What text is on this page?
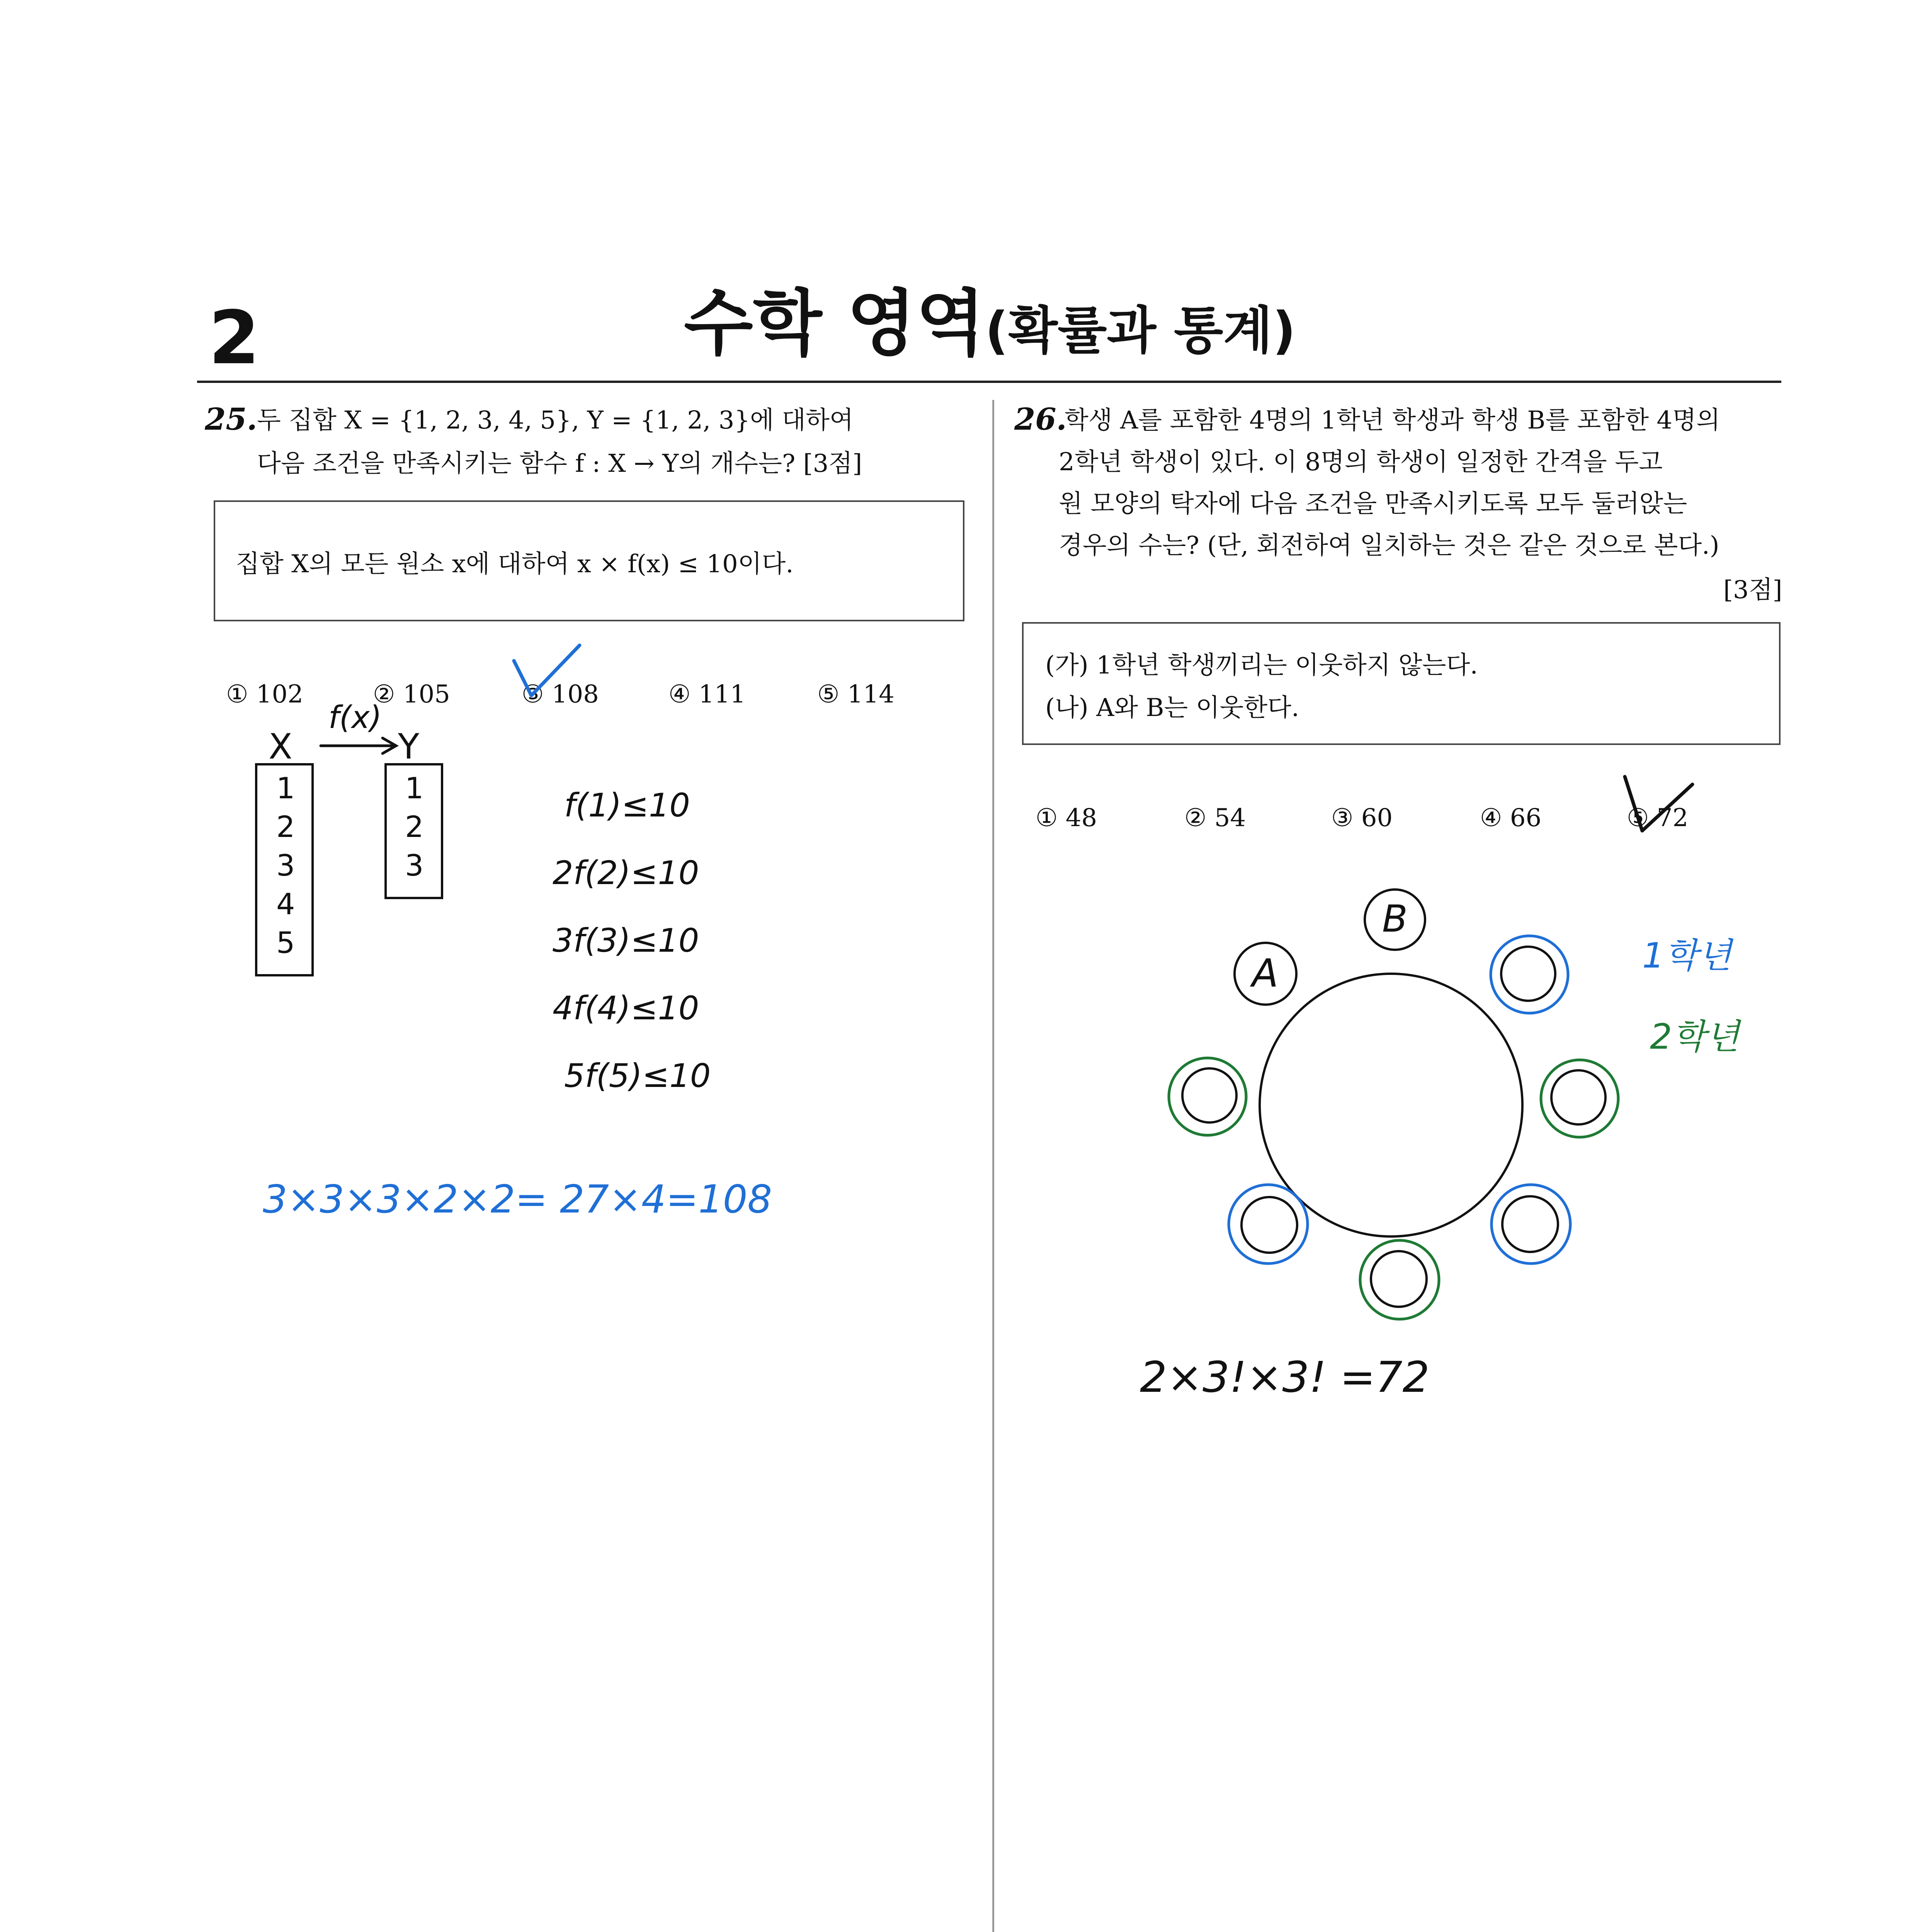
2	수학 영역(확률과 통계)
25. 두 집합 X = {1, 2, 3, 4, 5}, Y = {1, 2, 3}에 대하여
다음 조건을 만족시키는 함수 f : X → Y의 개수는? [3점]
집합 X의 모든 원소 x에 대하여 x × f(x) ≤ 10이다.
① 102	② 105	③ 108	④ 111	⑤ 114
26.
학생 A를 포함한 4명의 1학년 학생과 학생 B를 포함한 4명의
2학년 학생이 있다. 이 8명의 학생이 일정한 간격을 두고
원 모양의 탁자에 다음 조건을 만족시키도록 모두 둘러앉는
경우의 수는? (단, 회전하여 일치하는 것은 같은 것으로 본다.)
[3점]
(가) 1학년 학생끼리는 이웃하지 않는다.
(나) A와 B는 이웃한다.
① 48	② 54	③ 60	④ 66	⑤ 72
f(x)
X
1
2
3
4
5
Y
1
2
3
f(1)≤10
2f(2)≤10
3f(3)≤10
4f(4)≤10
5f(5)≤10
3×3×3×2×2= 27×4=108
A
B
1학년
2학년
2×3!×3! =72
